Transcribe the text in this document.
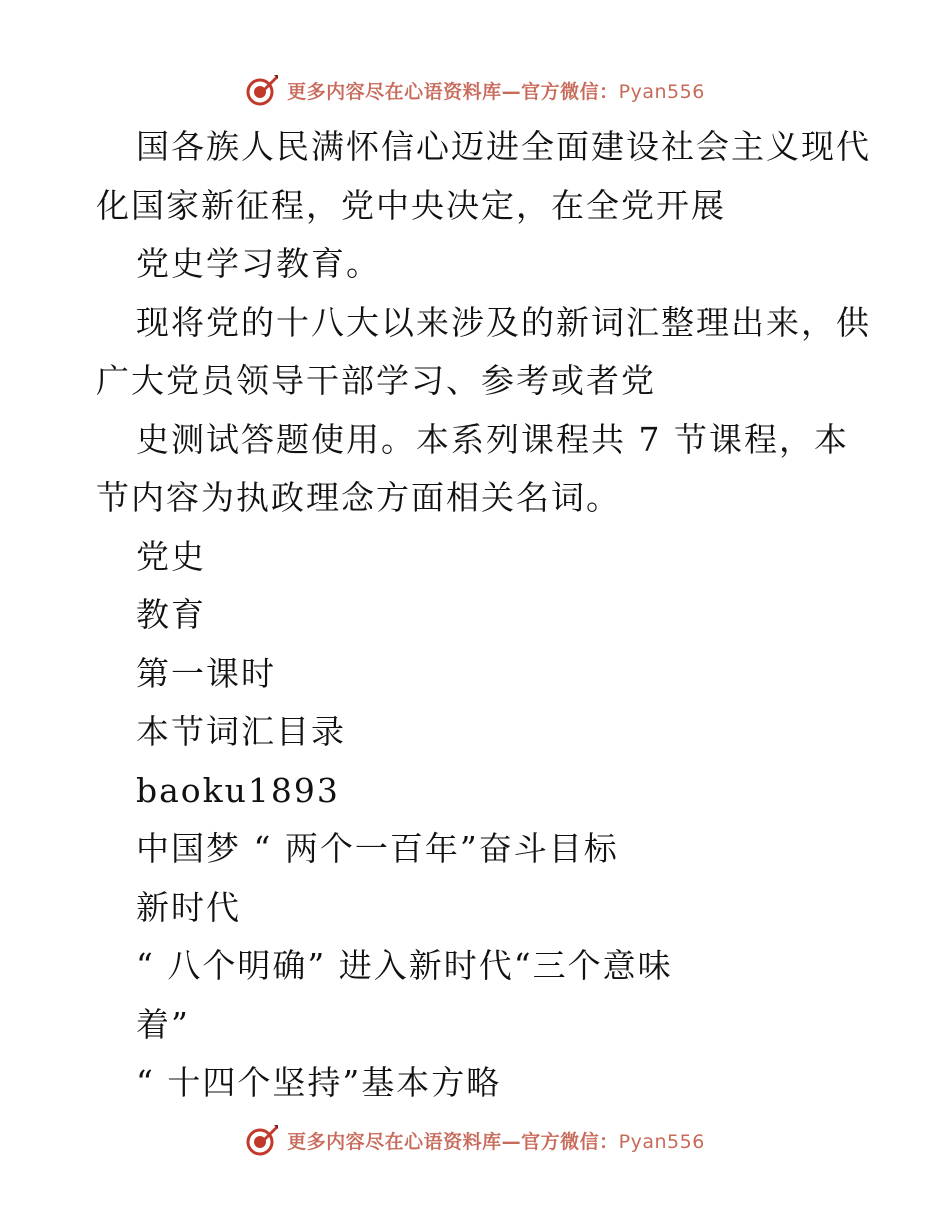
更多内容尽在心语资料库—官方微信：Pyan556
国各族人民满怀信心迈进全面建设社会主义现代
化国家新征程，党中央决定，在全党开展
党史学习教育。
现将党的十八大以来涉及的新词汇整理出来，供
广大党员领导干部学习、参考或者党
史测试答题使用。本系列课程共 7 节课程，本
节内容为执政理念方面相关名词。
党史
教育
第一课时
本节词汇目录
baoku1893
中国梦 “ 两个一百年”奋斗目标
新时代
“ 八个明确” 进入新时代“三个意味
着”
“ 十四个坚持”基本方略
更多内容尽在心语资料库—官方微信：Pyan556
